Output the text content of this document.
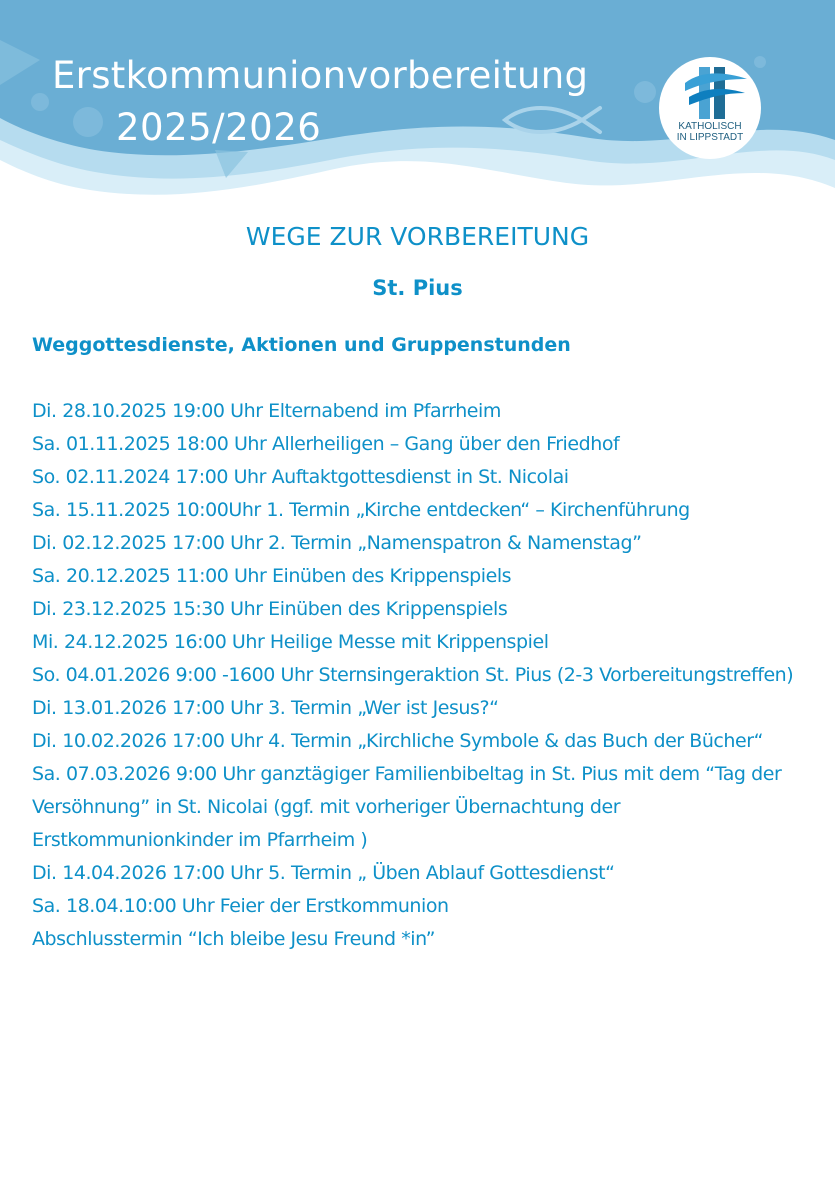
Erstkommunionvorbereitung
2025/2026	KATHOLISCH
IN LIPPSTADT
WEGE ZUR VORBEREITUNG
St. Pius
Weggottesdienste, Aktionen und Gruppenstunden
Di. 28.10.2025 19:00 Uhr Elternabend im Pfarrheim
Sa. 01.11.2025 18:00 Uhr Allerheiligen – Gang über den Friedhof
So. 02.11.2024 17:00 Uhr Auftaktgottesdienst in St. Nicolai
Sa. 15.11.2025 10:00Uhr 1. Termin „Kirche entdecken“ – Kirchenführung
Di. 02.12.2025 17:00 Uhr 2. Termin „Namenspatron & Namenstag”
Sa. 20.12.2025 11:00 Uhr Einüben des Krippenspiels
Di. 23.12.2025 15:30 Uhr Einüben des Krippenspiels
Mi. 24.12.2025 16:00 Uhr Heilige Messe mit Krippenspiel
So. 04.01.2026 9:00 -1600 Uhr Sternsingeraktion St. Pius (2-3 Vorbereitungstreffen)
Di. 13.01.2026 17:00 Uhr 3. Termin „Wer ist Jesus?“
Di. 10.02.2026 17:00 Uhr 4. Termin „Kirchliche Symbole & das Buch der Bücher“
Sa. 07.03.2026 9:00 Uhr ganztägiger Familienbibeltag in St. Pius mit dem “Tag der Versöhnung” in St. Nicolai (ggf. mit vorheriger Übernachtung der Erstkommunionkinder im Pfarrheim )
Di. 14.04.2026 17:00 Uhr 5. Termin „ Üben Ablauf Gottesdienst“
Sa. 18.04.10:00 Uhr Feier der Erstkommunion
Abschlusstermin “Ich bleibe Jesu Freund *in”
